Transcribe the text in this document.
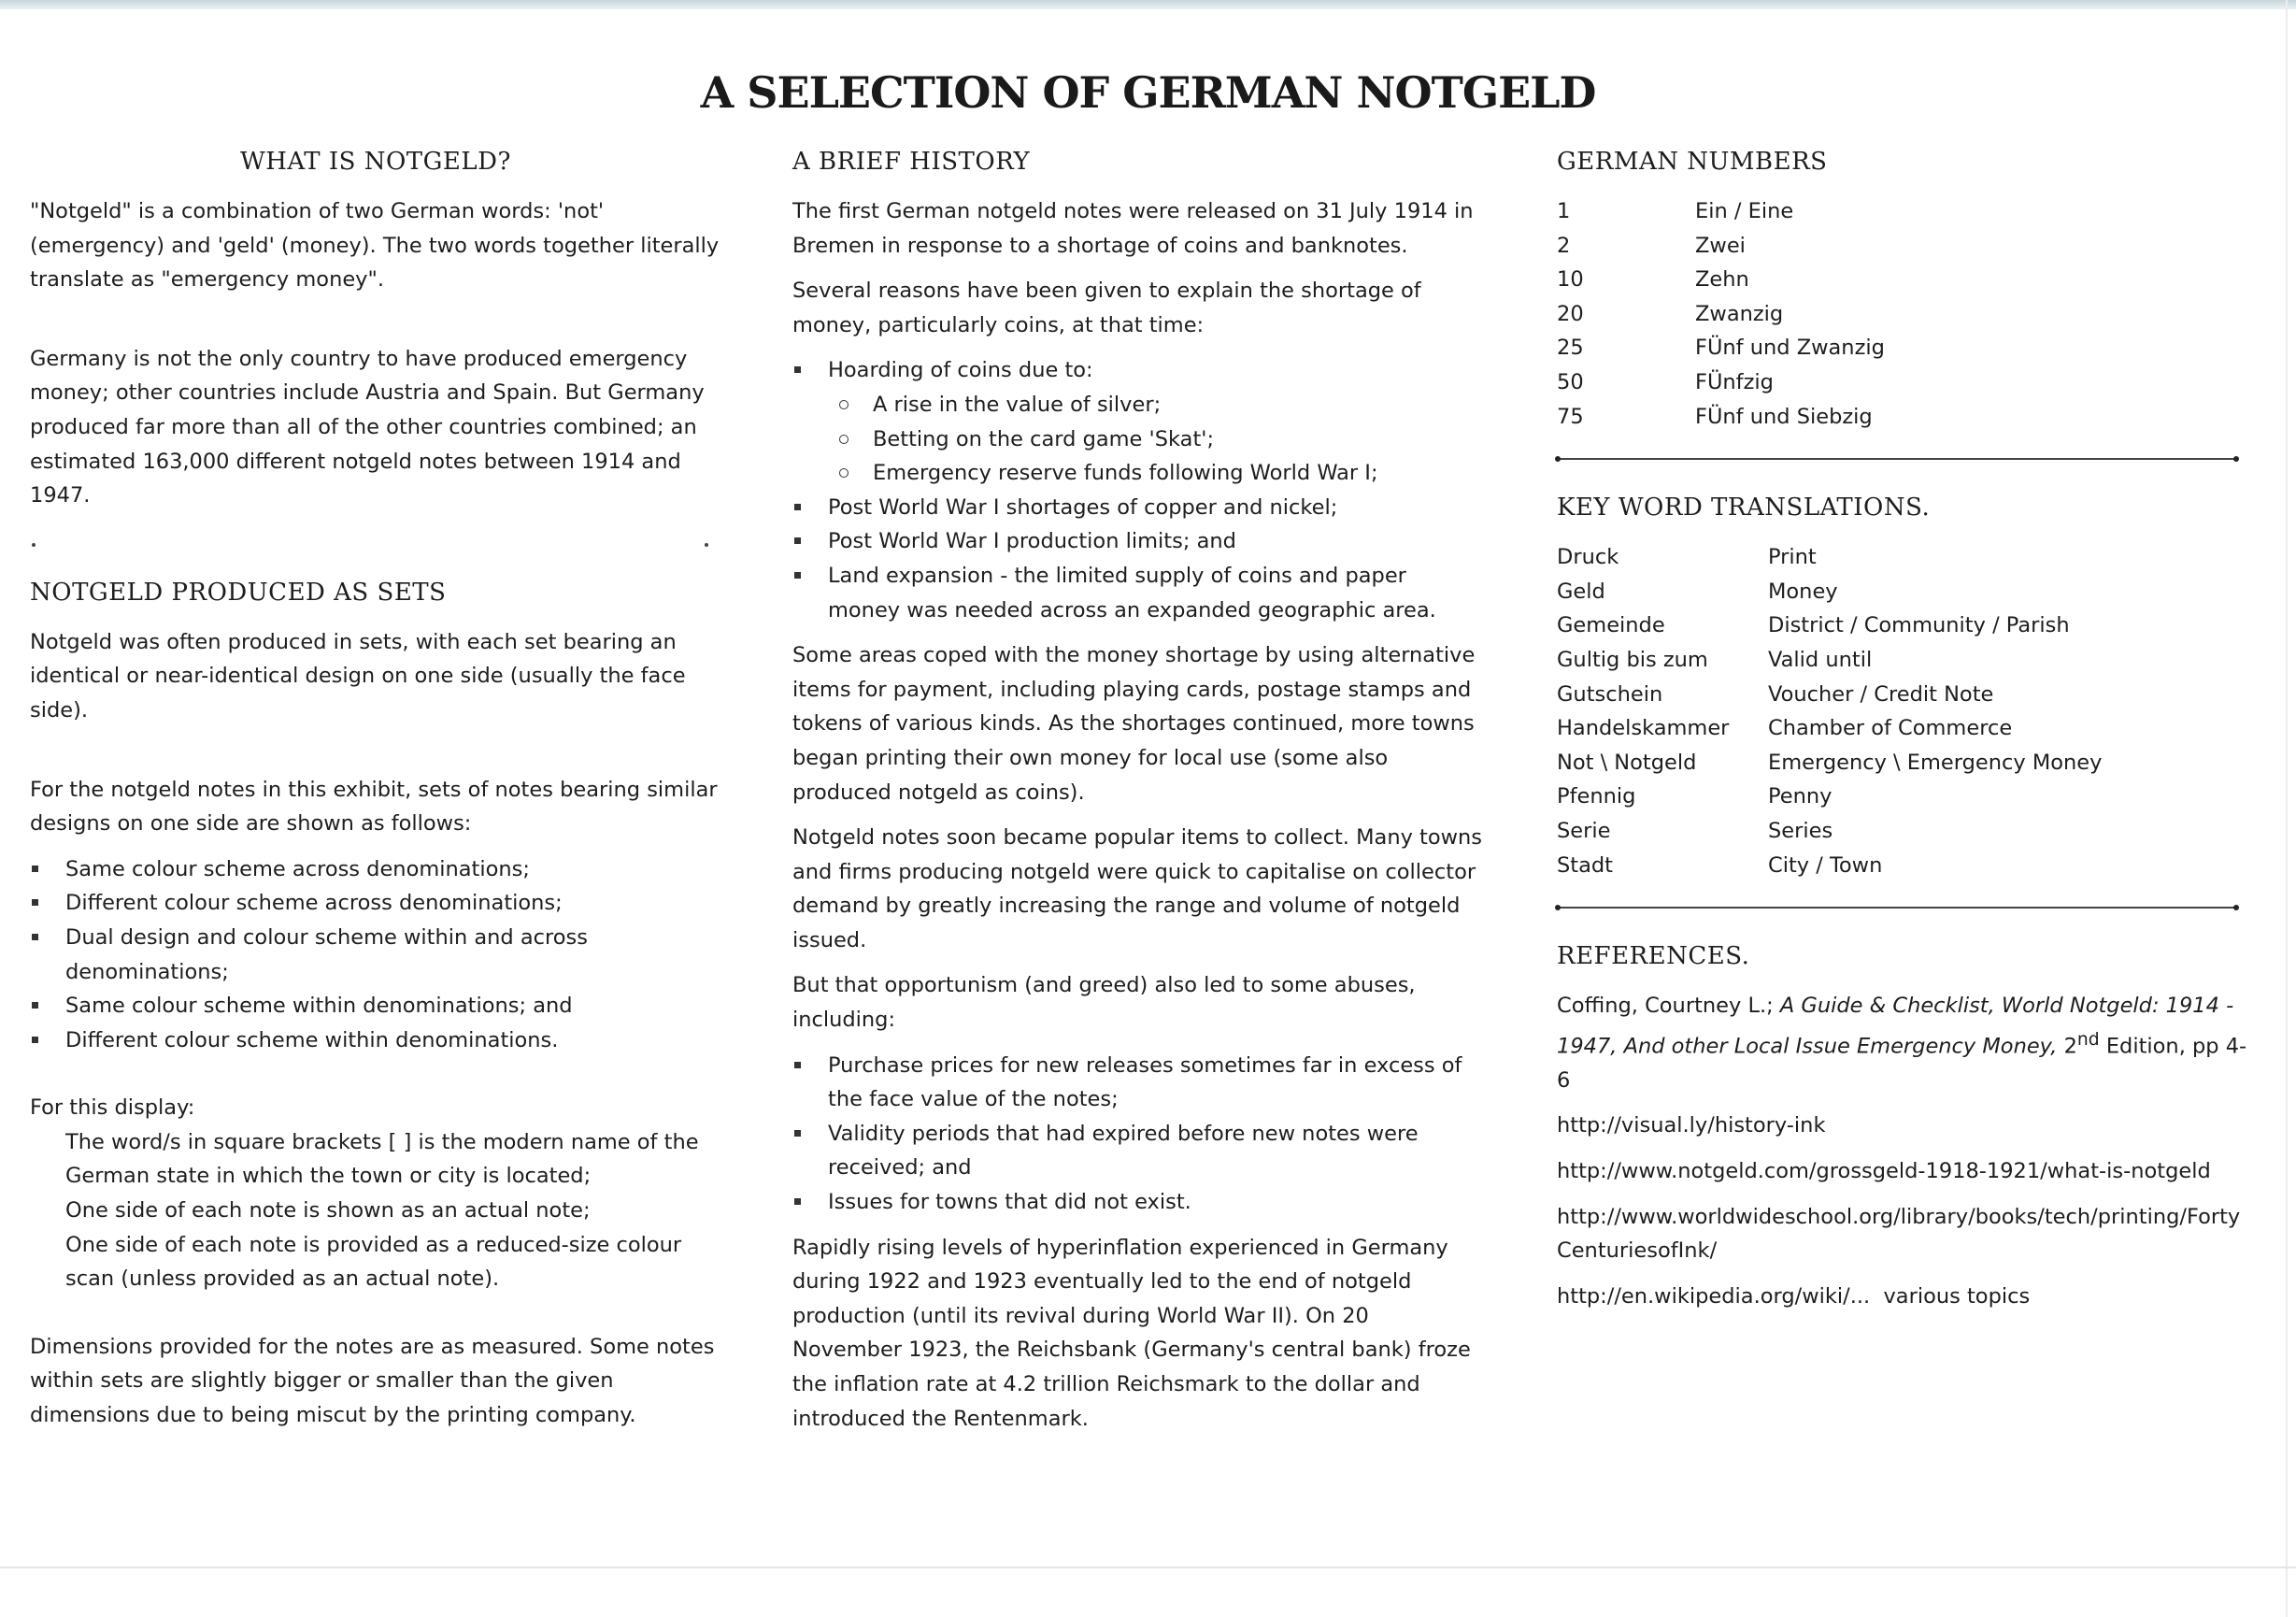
A SELECTION OF GERMAN NOTGELD
WHAT IS NOTGELD?

"Notgeld" is a combination of two German words: 'not' (emergency) and 'geld' (money). The two words together literally translate as "emergency money".

Germany is not the only country to have produced emergency money; other countries include Austria and Spain. But Germany produced far more than all of the other countries combined; an estimated 163,000 different notgeld notes between 1914 and 1947.

NOTGELD PRODUCED AS SETS

Notgeld was often produced in sets, with each set bearing an identical or near-identical design on one side (usually the face side).

For the notgeld notes in this exhibit, sets of notes bearing similar designs on one side are shown as follows:

Same colour scheme across denominations;
Different colour scheme across denominations;
Dual design and colour scheme within and across denominations;
Same colour scheme within denominations; and
Different colour scheme within denominations.
For this display:
The word/s in square brackets [ ] is the modern name of the German state in which the town or city is located;
One side of each note is shown as an actual note;
One side of each note is provided as a reduced-size colour scan (unless provided as an actual note).

Dimensions provided for the notes are as measured. Some notes within sets are slightly bigger or smaller than the given dimensions due to being miscut by the printing company.

A BRIEF HISTORY

The first German notgeld notes were released on 31 July 1914 in Bremen in response to a shortage of coins and banknotes.

Several reasons have been given to explain the shortage of money, particularly coins, at that time:

Hoarding of coins due to:
A rise in the value of silver;
Betting on the card game 'Skat';
Emergency reserve funds following World War I;
Post World War I shortages of copper and nickel;
Post World War I production limits; and
Land expansion - the limited supply of coins and paper money was needed across an expanded geographic area.

Some areas coped with the money shortage by using alternative items for payment, including playing cards, postage stamps and tokens of various kinds. As the shortages continued, more towns began printing their own money for local use (some also produced notgeld as coins).

Notgeld notes soon became popular items to collect. Many towns and firms producing notgeld were quick to capitalise on collector demand by greatly increasing the range and volume of notgeld issued.

But that opportunism (and greed) also led to some abuses, including:

Purchase prices for new releases sometimes far in excess of the face value of the notes;
Validity periods that had expired before new notes were received; and
Issues for towns that did not exist.

Rapidly rising levels of hyperinflation experienced in Germany during 1922 and 1923 eventually led to the end of notgeld production (until its revival during World War II). On 20 November 1923, the Reichsbank (Germany's central bank) froze the inflation rate at 4.2 trillion Reichsmark to the dollar and introduced the Rentenmark.

GERMAN NUMBERS
1	Ein / Eine
2	Zwei
10	Zehn
20	Zwanzig
25	FÜnf und Zwanzig
50	FÜnfzig
75	FÜnf und Siebzig
KEY WORD TRANSLATIONS.
Druck	Print
Geld	Money
Gemeinde	District / Community / Parish
Gultig bis zum	Valid until
Gutschein	Voucher / Credit Note
Handelskammer	Chamber of Commerce
Not \ Notgeld	Emergency \ Emergency Money
Pfennig	Penny
Serie	Series
Stadt	City / Town
REFERENCES.

Coffing, Courtney L.; A Guide & Checklist, World Notgeld: 1914 - 1947, And other Local Issue Emergency Money, 2nd Edition, pp 4-6

http://visual.ly/history-ink

http://www.notgeld.com/grossgeld-1918-1921/what-is-notgeld

http://www.worldwideschool.org/library/books/tech/printing/FortyCenturiesofInk/

http://en.wikipedia.org/wiki/... various topics
